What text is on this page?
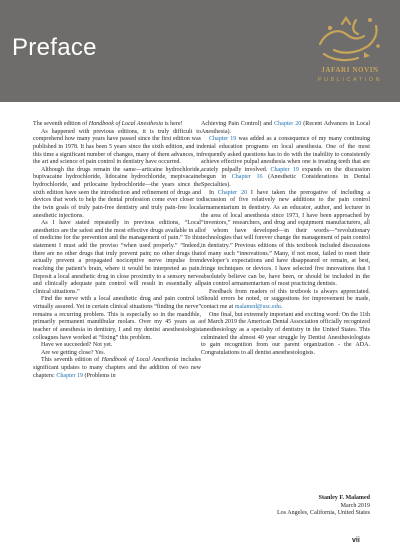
Preface
JAFARI NOVIN
PUBLICATION

The seventh edition of Handbook of Local Anesthesia is here!

As happened with previous editions, it is truly difficult to comprehend how many years have passed since the first edition was published in 1978. It has been 5 years since the sixth edition, and in this time a significant number of changes, many of them advances, in the art and science of pain control in dentistry have occurred.

Although the drugs remain the same—articaine hydrochloride, bupivacaine hydrochloride, lidocaine hydrochloride, mepivacaine hydrochloride, and prilocaine hydrochloride—the years since the sixth edition have seen the introduction and refinement of drugs and devices that work to help the dental profession come ever closer to the twin goals of truly pain-free dentistry and truly pain-free local anesthetic injections.

As I have stated repeatedly in previous editions, “Local anesthetics are the safest and the most effective drugs available in all of medicine for the prevention and the management of pain.” To this statement I must add the proviso “when used properly.” “Indeed, there are no other drugs that truly prevent pain; no other drugs that actually prevent a propagated nociceptive nerve impulse from reaching the patient’s brain, where it would be interpreted as pain. Deposit a local anesthetic drug in close proximity to a sensory nerve and clinically adequate pain control will result in essentially all clinical situations.”

Find the nerve with a local anesthetic drug and pain control is virtually assured. Yet in certain clinical situations “finding the nerve” remains a recurring problem. This is especially so in the mandible, primarily permanent mandibular molars. Over my 45 years as a teacher of anesthesia in dentistry, I and my dentist anesthesiologist colleagues have worked at “fixing” this problem.

Have we succeeded? Not yet.

Are we getting close? Yes.

This seventh edition of Handbook of Local Anesthesia includes significant updates to many chapters and the addition of two new chapters: Chapter 19 (Problems in

Achieving Pain Control) and Chapter 20 (Recent Advances in Local Anesthesia).

Chapter 19 was added as a consequence of my many continuing dental education programs on local anesthesia. One of the most frequently asked questions has to do with the inability to consistently achieve effective pulpal anesthesia when one is treating teeth that are acutely pulpally involved. Chapter 19 expands on the discussion begun in Chapter 16 (Anesthetic Considerations in Dental Specialties).

In Chapter 20 I have taken the prerogative of including a discussion of five relatively new additions to the pain control armamentarium in dentistry. As an educator, author, and lecturer in the area of local anesthesia since 1973, I have been approached by “inventors,” researchers, and drug and equipment manufacturers, all of whom have developed—in their words—“revolutionary technologies that will forever change the management of pain control in dentistry.” Previous editions of this textbook included discussions of many such “innovations.” Many, if not most, failed to meet their developer’s expectations and have disappeared or remain, at best, fringe techniques or devices. I have selected five innovations that I absolutely believe can be, have been, or should be included in the pain control armamentarium of most practicing dentists.

Feedback from readers of this textbook is always appreciated. Should errors be noted, or suggestions for improvement be made, contact me at malamed@usc.edu.

One final, but extremely important and exciting word: On the 11th of March 2019 the American Dental Association officially recognized anesthesiology as a specialty of dentistry in the United States. This culminated the almost 40 year struggle by Dentist Anesthesiologists to gain recognition from our parent organization - the ADA. Congratulations to all dentist anesthesiologists.

Stanley F. Malamed
March 2019
Los Angeles, California, United States
vii
